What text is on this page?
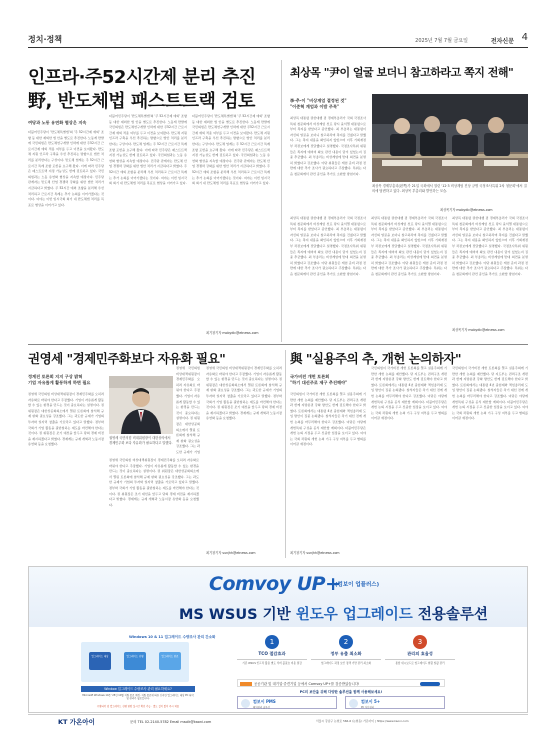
정치·정책	2025년 7월 7월 금요일	전자신문 4
인프라·주52시간제 분리 추진
野, 반도체법 패스트트랙 검토
여당과 노동 유연화 협상은 지속
더불어민주당이 '반도체특별법'의 '주 52시간제 예외' 조항 등 대한 제외한 법 안을 별도로 추진한다. 노동계 반발에 국민의힘은 반도체연구개발 인력에 대한 주52시간 근로시간제 예외 적용 여부를 두고 이견을 보여왔다. 반도체 지원 인프라 구축을 우선 추진하는 방향으로 법안 처리를 분리한다는 구상이다. 반도체 업계는 주 52시간 근로시간 특례 조항 포함을 요구해 왔다. 이에 따라 민주당은 패스트트랙 지정 가능성도 함께 검토하고 있다. 국민의힘과는 노동 유연화 협상을 지속할 예정이다. 민주당 관계자는 반도체 산업 경쟁력 강화를 위한 법안 처리가 시급하다고 밝혔다. 주 52시간 예외 조항을 분리해 우선 처리하고 근로시간 특례는 추가 논의를 이어가겠다는 것이다. 여야는 이번 임시국회 회기 내 반도체법 처리를 목표로 협상을 이어가고 있다.
더불어민주당이 '반도체특별법'의 '주 52시간제 예외' 조항 등 대한 제외한 법 안을 별도로 추진한다. 노동계 반발에 국민의힘은 반도체연구개발 인력에 대한 주52시간 근로시간제 예외 적용 여부를 두고 이견을 보여왔다. 반도체 지원 인프라 구축을 우선 추진하는 방향으로 법안 처리를 분리한다는 구상이다. 반도체 업계는 주 52시간 근로시간 특례 조항 포함을 요구해 왔다. 이에 따라 민주당은 패스트트랙 지정 가능성도 함께 검토하고 있다. 국민의힘과는 노동 유연화 협상을 지속할 예정이다. 민주당 관계자는 반도체 산업 경쟁력 강화를 위한 법안 처리가 시급하다고 밝혔다. 주 52시간 예외 조항을 분리해 우선 처리하고 근로시간 특례는 추가 논의를 이어가겠다는 것이다. 여야는 이번 임시국회 회기 내 반도체법 처리를 목표로 협상을 이어가고 있다.
더불어민주당이 '반도체특별법'의 '주 52시간제 예외' 조항 등 대한 제외한 법 안을 별도로 추진한다. 노동계 반발에 국민의힘은 반도체연구개발 인력에 대한 주52시간 근로시간제 예외 적용 여부를 두고 이견을 보여왔다. 반도체 지원 인프라 구축을 우선 추진하는 방향으로 법안 처리를 분리한다는 구상이다. 반도체 업계는 주 52시간 근로시간 특례 조항 포함을 요구해 왔다. 이에 따라 민주당은 패스트트랙 지정 가능성도 함께 검토하고 있다. 국민의힘과는 노동 유연화 협상을 지속할 예정이다. 민주당 관계자는 반도체 산업 경쟁력 강화를 위한 법안 처리가 시급하다고 밝혔다. 주 52시간 예외 조항을 분리해 우선 처리하고 근로시간 특례는 추가 논의를 이어가겠다는 것이다. 여야는 이번 임시국회 회기 내 반도체법 처리를 목표로 협상을 이어가고 있다.
최기창기자 mobydic@etnews.com
최상목 "尹이 얼굴 보더니 참고하라고 쪽지 전해"
李·추·이 "비상계엄 결정된 것"
"이준혁 계엄과 이밤 주목"
최상목 대통령 권한대행 겸 경제부총리가 국회 국정조사특위 청문회에서 비상계엄 선포 당시 윤석열 대통령으로부터 쪽지를 받았다고 증언했다. 최 부총리는 대통령이 자신의 얼굴을 보더니 참고하라며 쪽지를 건넸다고 말했다. 그는 쪽지 내용을 확인하지 않았으며 이후 기획재정부 차관보에게 전달했다고 설명했다. 국정조사특위 위원들은 쪽지에 예비비 확보 관련 내용이 담겨 있었는지 집중 추궁했다. 최 부총리는 비상계엄에 반대 의견을 분명히 밝혔다고 강조했다. 야당 위원들은 계엄 준비 과정 전반에 대한 추가 조사가 필요하다고 주장했다. 특위는 다음 청문회에서 관련 증인을 추가로 소환할 방침이다.
최상목 경제부총리(왼쪽)가 21일 국회에서 열린 '12·3 비상계엄 진상 규명 국정조사특위 2차 청문회'에서 질의에 답변하고 있다. 최상목 부총리와 발언하는 모습.
최상목기자 mobydic@etnews.com
최상목 대통령 권한대행 겸 경제부총리가 국회 국정조사특위 청문회에서 비상계엄 선포 당시 윤석열 대통령으로부터 쪽지를 받았다고 증언했다. 최 부총리는 대통령이 자신의 얼굴을 보더니 참고하라며 쪽지를 건넸다고 말했다. 그는 쪽지 내용을 확인하지 않았으며 이후 기획재정부 차관보에게 전달했다고 설명했다. 국정조사특위 위원들은 쪽지에 예비비 확보 관련 내용이 담겨 있었는지 집중 추궁했다. 최 부총리는 비상계엄에 반대 의견을 분명히 밝혔다고 강조했다. 야당 위원들은 계엄 준비 과정 전반에 대한 추가 조사가 필요하다고 주장했다. 특위는 다음 청문회에서 관련 증인을 추가로 소환할 방침이다.
최상목 대통령 권한대행 겸 경제부총리가 국회 국정조사특위 청문회에서 비상계엄 선포 당시 윤석열 대통령으로부터 쪽지를 받았다고 증언했다. 최 부총리는 대통령이 자신의 얼굴을 보더니 참고하라며 쪽지를 건넸다고 말했다. 그는 쪽지 내용을 확인하지 않았으며 이후 기획재정부 차관보에게 전달했다고 설명했다. 국정조사특위 위원들은 쪽지에 예비비 확보 관련 내용이 담겨 있었는지 집중 추궁했다. 최 부총리는 비상계엄에 반대 의견을 분명히 밝혔다고 강조했다. 야당 위원들은 계엄 준비 과정 전반에 대한 추가 조사가 필요하다고 주장했다. 특위는 다음 청문회에서 관련 증인을 추가로 소환할 방침이다.
최상목 대통령 권한대행 겸 경제부총리가 국회 국정조사특위 청문회에서 비상계엄 선포 당시 윤석열 대통령으로부터 쪽지를 받았다고 증언했다. 최 부총리는 대통령이 자신의 얼굴을 보더니 참고하라며 쪽지를 건넸다고 말했다. 그는 쪽지 내용을 확인하지 않았으며 이후 기획재정부 차관보에게 전달했다고 설명했다. 국정조사특위 위원들은 쪽지에 예비비 확보 관련 내용이 담겨 있었는지 집중 추궁했다. 최 부총리는 비상계엄에 반대 의견을 분명히 밝혔다고 강조했다. 야당 위원들은 계엄 준비 과정 전반에 대한 추가 조사가 필요하다고 주장했다. 특위는 다음 청문회에서 관련 증인을 추가로 소환할 방침이다.
최상목기자 mobydic@etnews.com
권영세 "경제민주화보다 자유화 필요"
정계진 토론회 지지 구상 밝혀
기업 자유롭게 활동하게 하면 필요
권영세 국민의힘 비상대책위원장이 경제민주화를 오히려 자유화로 바꿔야 한다고 주장했다. 기업이 자유롭게 활동할 수 있는 환경을 만드는 것이 중요하다는 설명이다. 권 위원장은 대한상공회의소에서 열린 토론회에 참석해 규제 완화 필요성을 강조했다. 그는 과도한 규제가 기업의 투자와 일자리 창출을 가로막고 있다고 말했다. 정부와 국회가 기업 활동을 뒷받침하는 제도를 마련해야 한다는 것이다. 권 위원장은 조기 대선을 앞두고 당의 경제 비전을 제시하겠다고 밝혔다. 경제계는 규제 개혁과 노동시장 유연화 등을 요청했다.
권영세 국민의힘 비대위원장이 대한상의에서 경제민주화 보다 자유화가 필요하다고 말했다.
권영세 국민의힘 비상대책위원장이 경제민주화를 오히려 자유화로 바꿔야 한다고 주장했다. 기업이 자유롭게 활동할 수 있는 환경을 만드는 것이 중요하다는 설명이다. 권 위원장은 대한상공회의소에서 열린 토론회에 참석해 규제 완화 필요성을 강조했다. 그는 과도한 규제가 기업
권영세 국민의힘 비상대책위원장이 경제민주화를 오히려 자유화로 바꿔야 한다고 주장했다. 기업이 자유롭게 활동할 수 있는 환경을 만드는 것이 중요하다는 설명이다. 권 위원장은 대한상공회의소에서 열린 토론회에 참석해 규제 완화 필요성을 강조했다. 그는 과도한 규제가 기업의 투자와 일자리 창출을 가로막고 있다고 말했다. 정부와 국회가 기업 활동을 뒷받침하는 제도를 마련해야 한다는 것이다. 권 위원장은 조기 대선을 앞두고 당의 경제 비전을 제시하겠다고 밝혔다. 경제계는 규제 개혁과 노동시장 유연화 등을 요청했다.
권영세 국민의힘 비상대책위원장이 경제민주화를 오히려 자유화로 바꿔야 한다고 주장했다. 기업이 자유롭게 활동할 수 있는 환경을 만드는 것이 중요하다는 설명이다. 권 위원장은 대한상공회의소에서 열린 토론회에 참석해 규제 완화 필요성을 강조했다. 그는 과도한 규제가 기업의 투자와 일자리 창출을 가로막고 있다고 말했다. 정부와 국회가 기업 활동을 뒷받침하는 제도를 마련해야 한다는 것이다. 권 위원장은 조기 대선을 앞두고 당의 경제 비전을 제시하겠다고 밝혔다. 경제계는 규제 개혁과 노동시장 유연화 등을 요청했다.
최기창기자 sunjhh@etnews.com
與 "실용주의 추, 개헌 논의하자"
국가비전 개헌 토론회
"하기 대선주로 제구 추진해야"
국민의힘이 국가비전 개헌 토론회를 열고 실용주의에 기반한 개헌 논의를 제안했다. 당 지도부는 권력구조 개편과 함께 지방분권 강화 방안도 함께 검토해야 한다고 밝혔다. 토론회에서는 대통령 4년 중임제와 책임총리제 도입 방안이 집중 논의됐다. 참석자들은 차기 대선 전에 개헌 논의를 마무리해야 한다고 강조했다. 여당은 야당에 개헌특위 구성을 공식 제안할 계획이다. 더불어민주당은 개헌 논의 시점을 두고 신중한 입장을 보이고 있다. 여야는 국회 차원의 개헌 논의 기구 구성 여부를 두고 협의를 이어갈 예정이다.
국민의힘이 국가비전 개헌 토론회를 열고 실용주의에 기반한 개헌 논의를 제안했다. 당 지도부는 권력구조 개편과 함께 지방분권 강화 방안도 함께 검토해야 한다고 밝혔다. 토론회에서는 대통령 4년 중임제와 책임총리제 도입 방안이 집중 논의됐다. 참석자들은 차기 대선 전에 개헌 논의를 마무리해야 한다고 강조했다. 여당은 야당에 개헌특위 구성을 공식 제안할 계획이다. 더불어민주당은 개헌 논의 시점을 두고 신중한 입장을 보이고 있다. 여야는 국회 차원의 개헌 논의 기구 구성 여부를 두고 협의를 이어갈 예정이다.
국민의힘이 국가비전 개헌 토론회를 열고 실용주의에 기반한 개헌 논의를 제안했다. 당 지도부는 권력구조 개편과 함께 지방분권 강화 방안도 함께 검토해야 한다고 밝혔다. 토론회에서는 대통령 4년 중임제와 책임총리제 도입 방안이 집중 논의됐다. 참석자들은 차기 대선 전에 개헌 논의를 마무리해야 한다고 강조했다. 여당은 야당에 개헌특위 구성을 공식 제안할 계획이다. 더불어민주당은 개헌 논의 시점을 두고 신중한 입장을 보이고 있다. 여야는 국회 차원의 개헌 논의 기구 구성 여부를 두고 협의를 이어갈 예정이다.
최기창기자 sunjhh@etnews.com
Comvoy UP+
(컴보이 업플러스)
MS WSUS 기반 윈도우 업그레이드 전용솔루션
Windows 10 & 11 업그레이드 수량조사 관리 간소화
업그레이드 대상	업그레이드 진행	업그레이드 완료
Window 업그레이드 수량조사 관리 필요하세요?
Microsoft Windows 10은 '25년 10월 지원 종료 예정. 지원 종료에 따른 신속한 업그레이드 대상 PC 파악 및 관리가 필요합니다.
수량파악 및 업그레이드 진행 현황 실시간 확인 가능 · 별도 설치 없이 즉시 적용
1
TCO 절감효과
기존 WSUS 인프라 활용 별도 서버 불필요 비용 절감
2
정부 유출 최소화
업그레이드 과정 보안 정책 기반 관리 최소화
3
관리의 효율성
통합 대시보드로 업그레이드 현황 일괄 관리
공공기관 및 대기업·중견기업 등에서 Comvoy UP+를 검증받았습니다!
PC의 보안을 위해 다양한 솔루션을 함께 사용해보세요!
컴보이 PMS
패치관리 솔루션
컴보이 5+
PC 자산관리
KT 가온아이	문의 TEL 02-2140-5782 Email msolk@kaoni.com	서울시 강남구 논현로 566-6 (논현동) 가온아이 | https://www.kaoni.com
